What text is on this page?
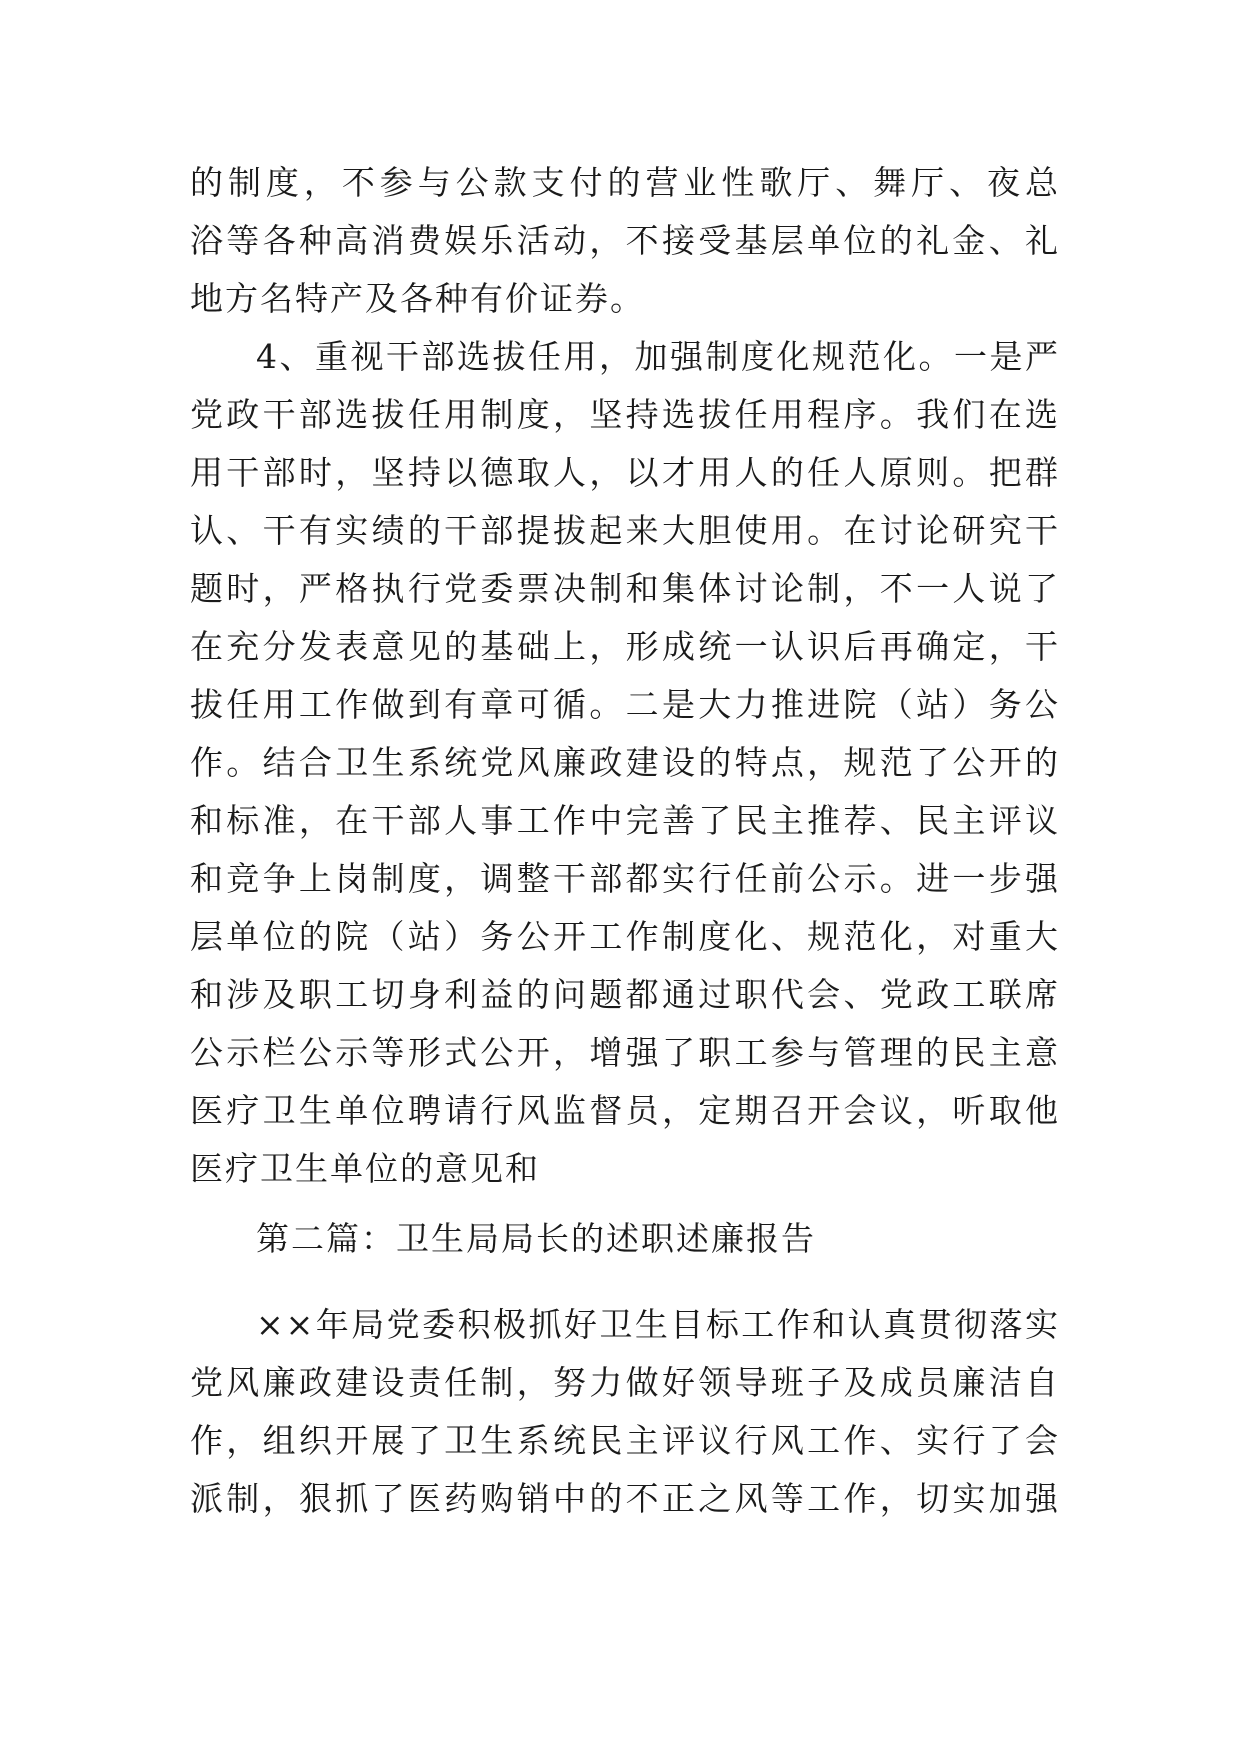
的制度，不参与公款支付的营业性歌厅、舞厅、夜总
浴等各种高消费娱乐活动，不接受基层单位的礼金、礼
地方名特产及各种有价证券。
4、重视干部选拔任用，加强制度化规范化。一是严
党政干部选拔任用制度，坚持选拔任用程序。我们在选
用干部时，坚持以德取人，以才用人的任人原则。把群
认、干有实绩的干部提拔起来大胆使用。在讨论研究干
题时，严格执行党委票决制和集体讨论制，不一人说了
在充分发表意见的基础上，形成统一认识后再确定，干
拔任用工作做到有章可循。二是大力推进院（站）务公
作。结合卫生系统党风廉政建设的特点，规范了公开的
和标准，在干部人事工作中完善了民主推荐、民主评议
和竞争上岗制度，调整干部都实行任前公示。进一步强
层单位的院（站）务公开工作制度化、规范化，对重大
和涉及职工切身利益的问题都通过职代会、党政工联席
公示栏公示等形式公开，增强了职工参与管理的民主意
医疗卫生单位聘请行风监督员，定期召开会议，听取他
医疗卫生单位的意见和
第二篇：卫生局局长的述职述廉报告
××年局党委积极抓好卫生目标工作和认真贯彻落实
党风廉政建设责任制，努力做好领导班子及成员廉洁自
作，组织开展了卫生系统民主评议行风工作、实行了会
派制，狠抓了医药购销中的不正之风等工作，切实加强
